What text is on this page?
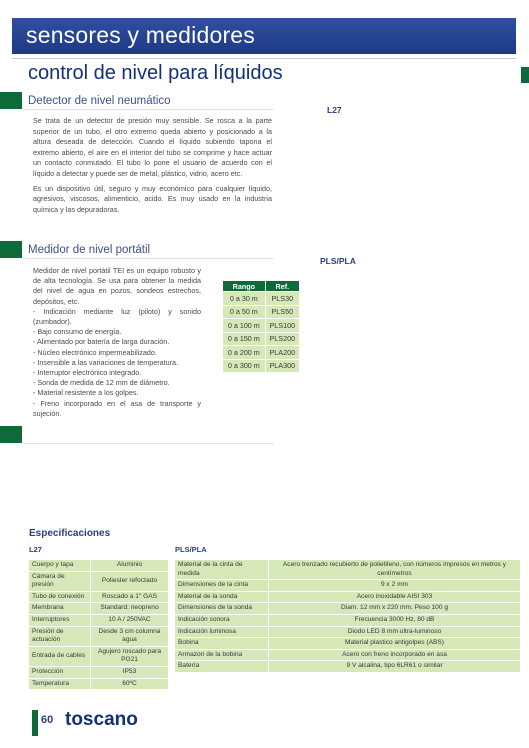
sensores y medidores
control de nivel para líquidos
Detector de nivel neumático
L27

Se trata de un detector de presión muy sensible. Se rosca a la parte superior de un tubo, el otro extremo queda abierto y posicionado a la altura deseada de detección. Cuando el líquido subiendo tapona el extremo abierto, el aire en el interior del tubo se comprime y hace actuar un contacto conmutado. El tubo lo pone el usuario de acuerdo con el líquido a detectar y puede ser de metal, plástico, vidrio, acero etc.

Es un dispositivo útil, seguro y muy económico para cualquier líquido, agresivos, viscosos, alimenticio, acido. Es muy usado en la industria química y las depuradoras.

Medidor de nivel portátil
PLS/PLA
Medidor de nivel portátil TEI es un equipo robusto y de alta tecnología. Se usa para obtener la medida del nivel de agua en pozos, sondeos estrechos, depósitos, etc.
- Indicación mediante luz (piloto) y sonido (zumbador).
- Bajo consumo de energía.
- Alimentado por batería de larga duración.
- Núcleo electrónico impermeabilizado.
- Insensible a las variaciones de temperatura.
- Interruptor electrónico integrado.
- Sonda de medida de 12 mm de diámetro.
- Material resistente a los golpes.
- Freno incorporado en el asa de transporte y sujeción.
Rango	Ref.
0 a 30 m	PLS30
0 a 50 m	PLS50
0 a 100 m	PLS100
0 a 150 m	PLS200
0 a 200 m	PLA200
0 a 300 m	PLA300
Especificaciones
L27	PLS/PLA
Cuerpo y tapa	Aluminio
Cámara de presión	Poliester reforzado
Tubo de conexión	Roscado a 1" GAS
Membrana	Standard: neopreno
Interruptores	10 A / 250VAC
Presión de actuación	Desde 3 cm columna agua
Entrada de cables	Agujero roscado para PG21
Protección	IP53
Temperatura	60ºC
Material de la cinta de medida	Acero trenzado recubierto de polietileno, con números impresos en metros y centímetros
Dimensiones de la cinta	9 x 2 mm
Material de la sonda	Acero inoxidable AISI 303
Dimensiones de la sonda	Diam. 12 mm x 220 mm. Peso 100 g
Indicación sonora	Frecuencia 3000 Hz, 80 dB
Indicación luminosa	Diodo LED 8 mm ultra-luminoso
Bobina	Material plastico antigolpes (ABS)
Armazon de la bobina	Acero con freno incorporado en asa
Batería	9 V alcalina, tipo 6LR61 o similar
60 toscano
